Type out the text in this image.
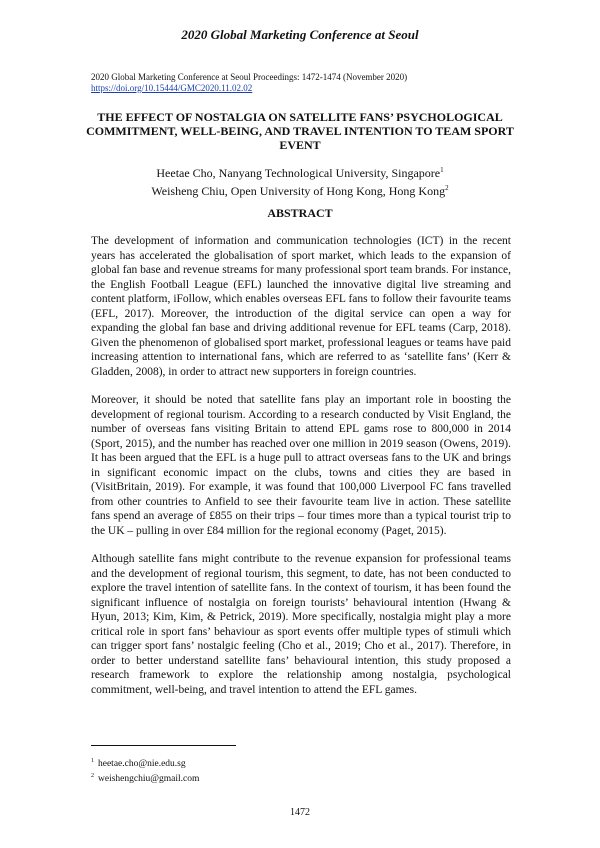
2020 Global Marketing Conference at Seoul
2020 Global Marketing Conference at Seoul Proceedings: 1472-1474 (November 2020)
https://doi.org/10.15444/GMC2020.11.02.02
THE EFFECT OF NOSTALGIA ON SATELLITE FANS’ PSYCHOLOGICAL COMMITMENT, WELL-BEING, AND TRAVEL INTENTION TO TEAM SPORT EVENT
Heetae Cho, Nanyang Technological University, Singapore$^1$
Weisheng Chiu, Open University of Hong Kong, Hong Kong$^2$
ABSTRACT

The development of information and communication technologies (ICT) in the recent years has accelerated the globalisation of sport market, which leads to the expansion of global fan base and revenue streams for many professional sport team brands. For instance, the English Football League (EFL) launched the innovative digital live streaming and content platform, iFollow, which enables overseas EFL fans to follow their favourite teams (EFL, 2017). Moreover, the introduction of the digital service can open a way for expanding the global fan base and driving additional revenue for EFL teams (Carp, 2018). Given the phenomenon of globalised sport market, professional leagues or teams have paid increasing attention to international fans, which are referred to as ‘satellite fans’ (Kerr & Gladden, 2008), in order to attract new supporters in foreign countries.

Moreover, it should be noted that satellite fans play an important role in boosting the development of regional tourism. According to a research conducted by Visit England, the number of overseas fans visiting Britain to attend EPL gams rose to 800,000 in 2014 (Sport, 2015), and the number has reached over one million in 2019 season (Owens, 2019). It has been argued that the EFL is a huge pull to attract overseas fans to the UK and brings in significant economic impact on the clubs, towns and cities they are based in (VisitBritain, 2019). For example, it was found that 100,000 Liverpool FC fans travelled from other countries to Anfield to see their favourite team live in action. These satellite fans spend an average of £855 on their trips – four times more than a typical tourist trip to the UK – pulling in over £84 million for the regional economy (Paget, 2015).

Although satellite fans might contribute to the revenue expansion for professional teams and the development of regional tourism, this segment, to date, has not been conducted to explore the travel intention of satellite fans. In the context of tourism, it has been found the significant influence of nostalgia on foreign tourists’ behavioural intention (Hwang & Hyun, 2013; Kim, Kim, & Petrick, 2019). More specifically, nostalgia might play a more critical role in sport fans’ behaviour as sport events offer multiple types of stimuli which can trigger sport fans’ nostalgic feeling (Cho et al., 2019; Cho et al., 2017). Therefore, in order to better understand satellite fans’ behavioural intention, this study proposed a research framework to explore the relationship among nostalgia, psychological commitment, well-being, and travel intention to attend the EFL games.

$^1$ heetae.cho@nie.edu.sg
$^2$ weishengchiu@gmail.com
1472
